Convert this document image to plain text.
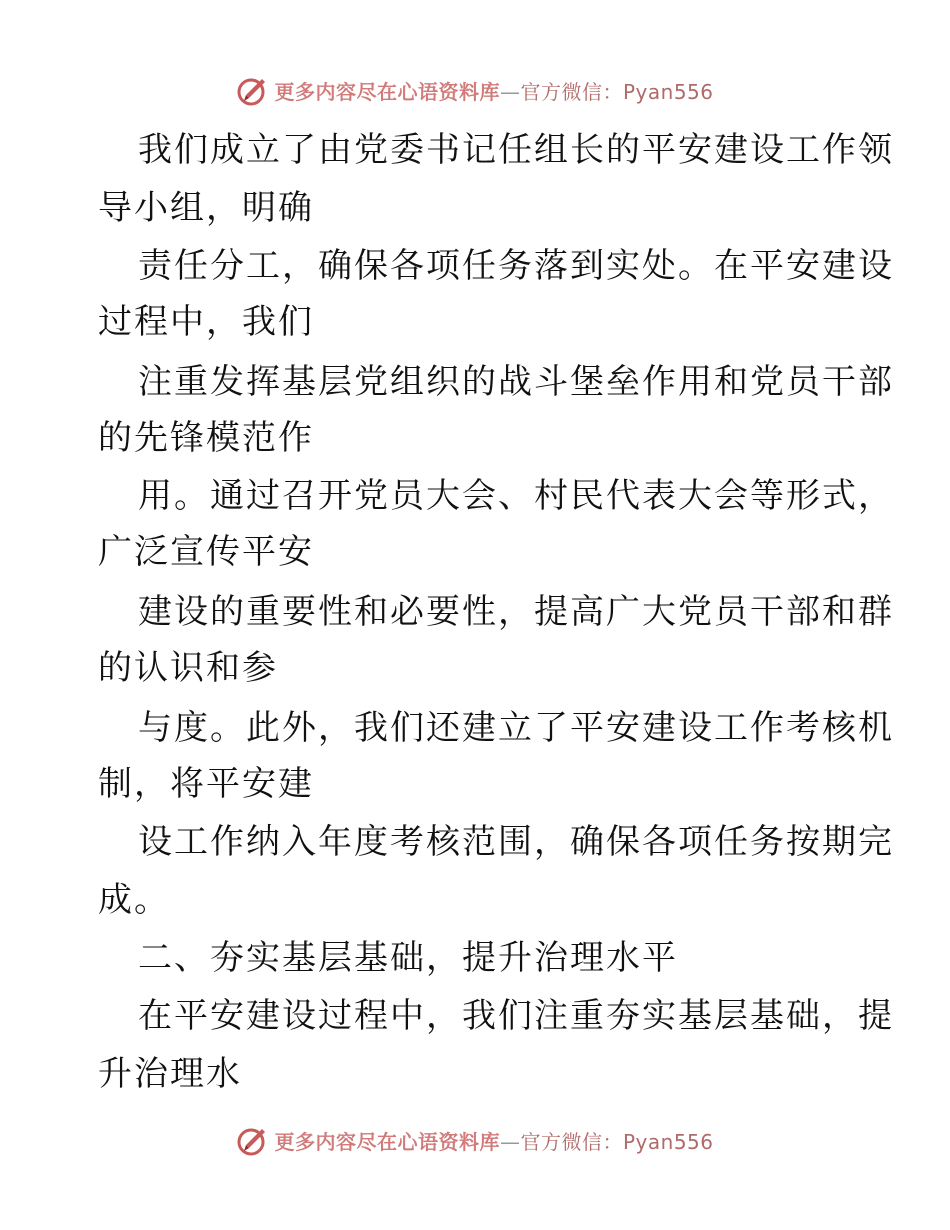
更多内容尽在心语资料库—官方微信：Pyan556
我们成立了由党委书记任组长的平安建设工作领
导小组，明确
责任分工，确保各项任务落到实处。在平安建设
过程中，我们
注重发挥基层党组织的战斗堡垒作用和党员干部
的先锋模范作
用。通过召开党员大会、村民代表大会等形式，
广泛宣传平安
建设的重要性和必要性，提高广大党员干部和群
的认识和参
与度。此外，我们还建立了平安建设工作考核机
制，将平安建
设工作纳入年度考核范围，确保各项任务按期完
成。
二、夯实基层基础，提升治理水平
在平安建设过程中，我们注重夯实基层基础，提
升治理水
更多内容尽在心语资料库—官方微信：Pyan556
